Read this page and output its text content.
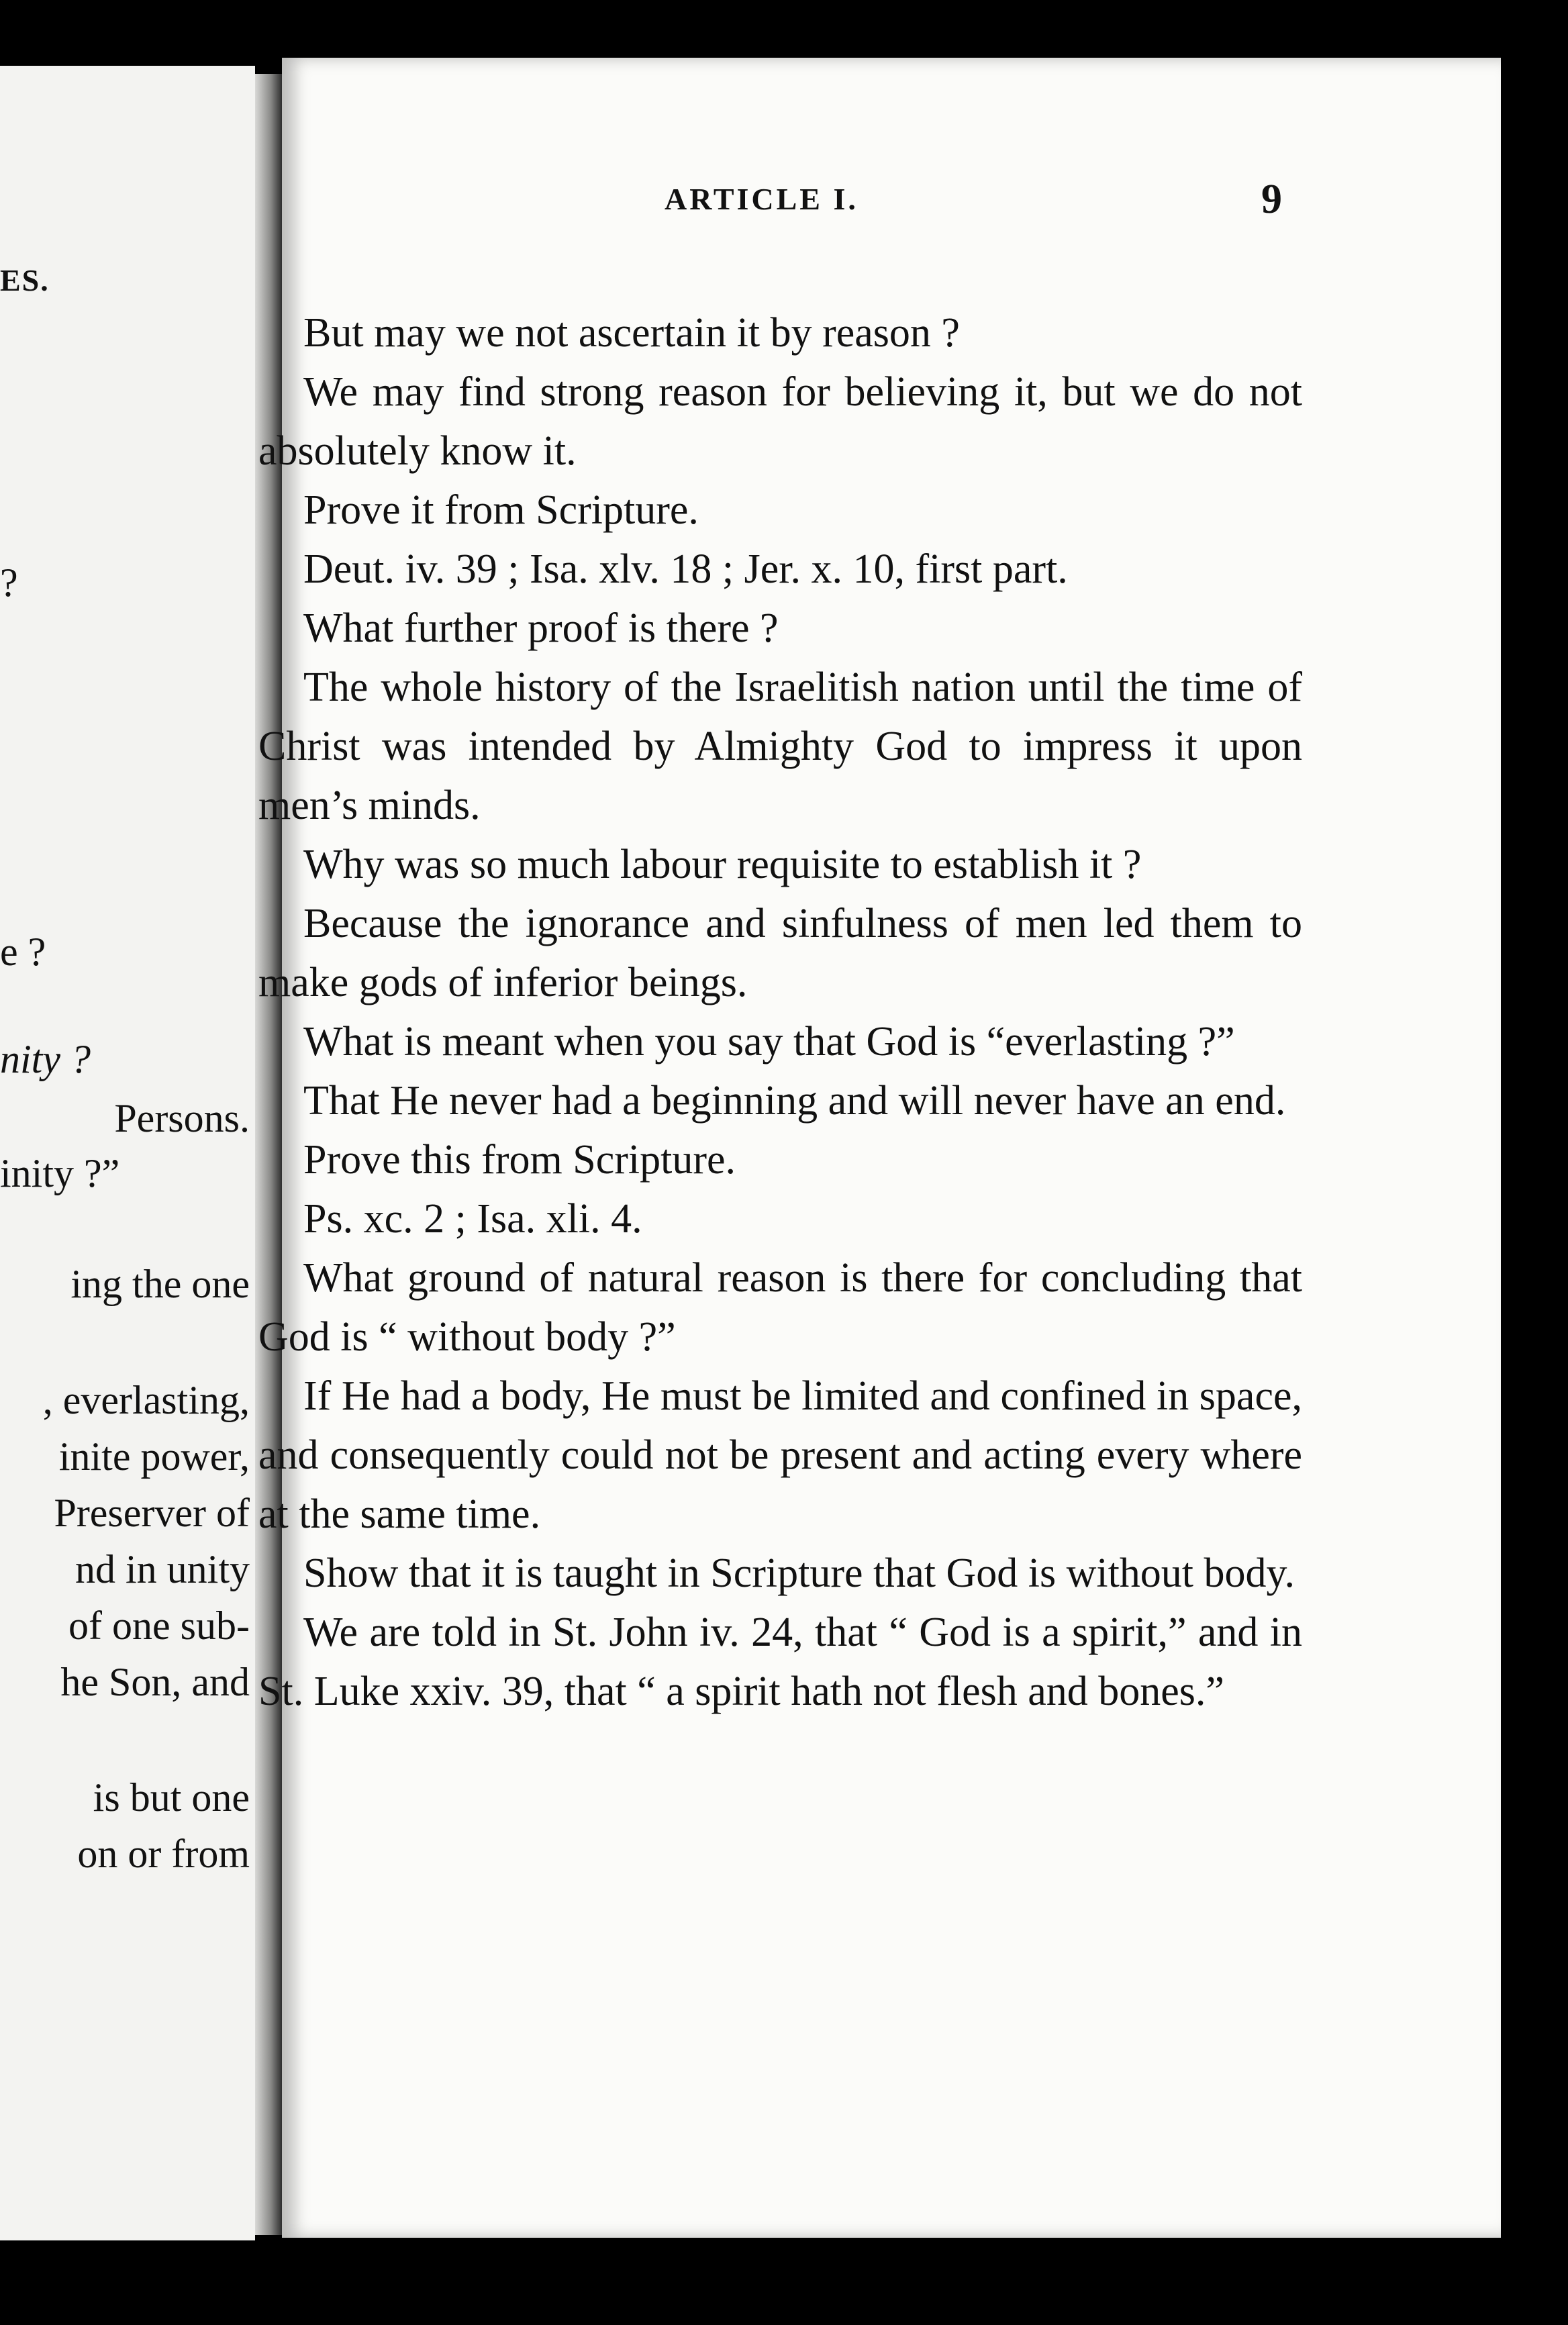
ES.
?
e ?
nity ?
Persons.
inity ?”
ing the one
, everlasting,
inite power,
Preserver of
nd in unity
of one sub-
he Son, and
is but one
on or from
ARTICLE I.	9

But may we not ascertain it by reason ?

We may find strong reason for believing it, but we do not absolutely know it.

Prove it from Scripture.

Deut. iv. 39 ; Isa. xlv. 18 ; Jer. x. 10, first part.

What further proof is there ?

The whole history of the Israelitish nation until the time of Christ was intended by Almighty God to impress it upon men’s minds.

Why was so much labour requisite to establish it ?

Because the ignorance and sinfulness of men led them to make gods of inferior beings.

What is meant when you say that God is “everlasting ?”

That He never had a beginning and will never have an end.

Prove this from Scripture.

Ps. xc. 2 ; Isa. xli. 4.

What ground of natural reason is there for concluding that God is “ without body ?”

If He had a body, He must be limited and confined in space, and consequently could not be present and acting every where at the same time.

Show that it is taught in Scripture that God is without body.

We are told in St. John iv. 24, that “ God is a spirit,” and in St. Luke xxiv. 39, that “ a spirit hath not flesh and bones.”
